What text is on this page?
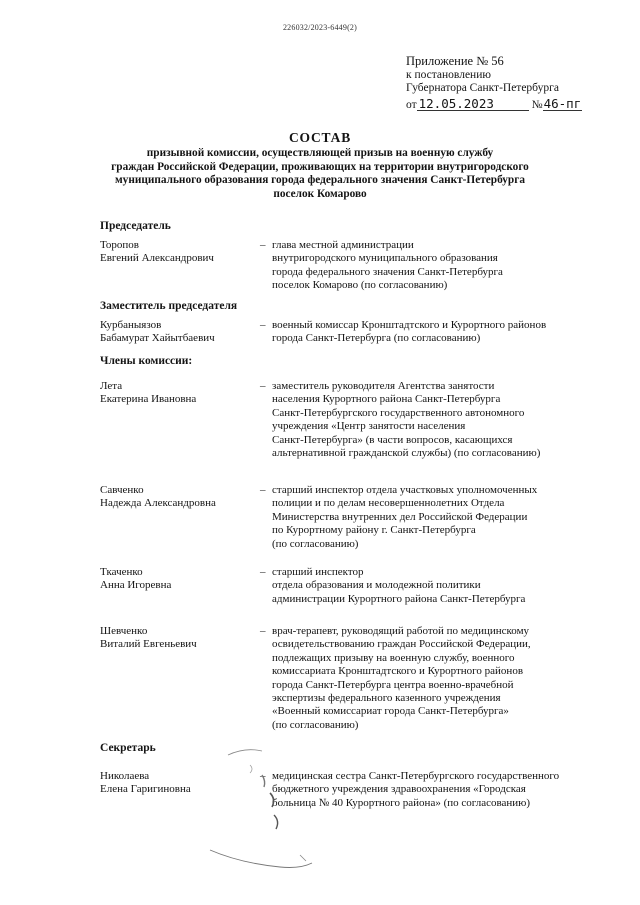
226032/2023-6449(2)
Приложение № 56
к постановлению
Губернатора Санкт-Петербурга
от 12.05.2023	№ 46-пг
СОСТАВ
призывной комиссии, осуществляющей призыв на военную службу
граждан Российской Федерации, проживающих на территории внутригородского
муниципального образования города федерального значения Санкт-Петербурга
поселок Комарово
Председатель
Торопов
Евгений Александрович
– глава местной администрации
внутригородского муниципального образования
города федерального значения Санкт-Петербурга
поселок Комарово (по согласованию)
Заместитель председателя
Курбаныязов
Бабамурат Хайытбаевич
– военный комиссар Кронштадтского и Курортного районов
города Санкт-Петербурга (по согласованию)
Члены комиссии:
Лета
Екатерина Ивановна
– заместитель руководителя Агентства занятости
населения Курортного района Санкт-Петербурга
Санкт-Петербургского государственного автономного
учреждения «Центр занятости населения
Санкт-Петербурга» (в части вопросов, касающихся
альтернативной гражданской службы) (по согласованию)
Савченко
Надежда Александровна
– старший инспектор отдела участковых уполномоченных
полиции и по делам несовершеннолетних Отдела
Министерства внутренних дел Российской Федерации
по Курортному району г. Санкт-Петербурга
(по согласованию)
Ткаченко
Анна Игоревна
– старший инспектор
отдела образования и молодежной политики
администрации Курортного района Санкт-Петербурга
Шевченко
Виталий Евгеньевич
– врач-терапевт, руководящий работой по медицинскому
освидетельствованию граждан Российской Федерации,
подлежащих призыву на военную службу, военного
комиссариата Кронштадтского и Курортного районов
города Санкт-Петербурга центра военно-врачебной
экспертизы федерального казенного учреждения
«Военный комиссариат города Санкт-Петербурга»
(по согласованию)
Секретарь
Николаева
Елена Гаригиновна
– медицинская сестра Санкт-Петербургского государственного
бюджетного учреждения здравоохранения «Городская
больница № 40 Курортного района» (по согласованию)
